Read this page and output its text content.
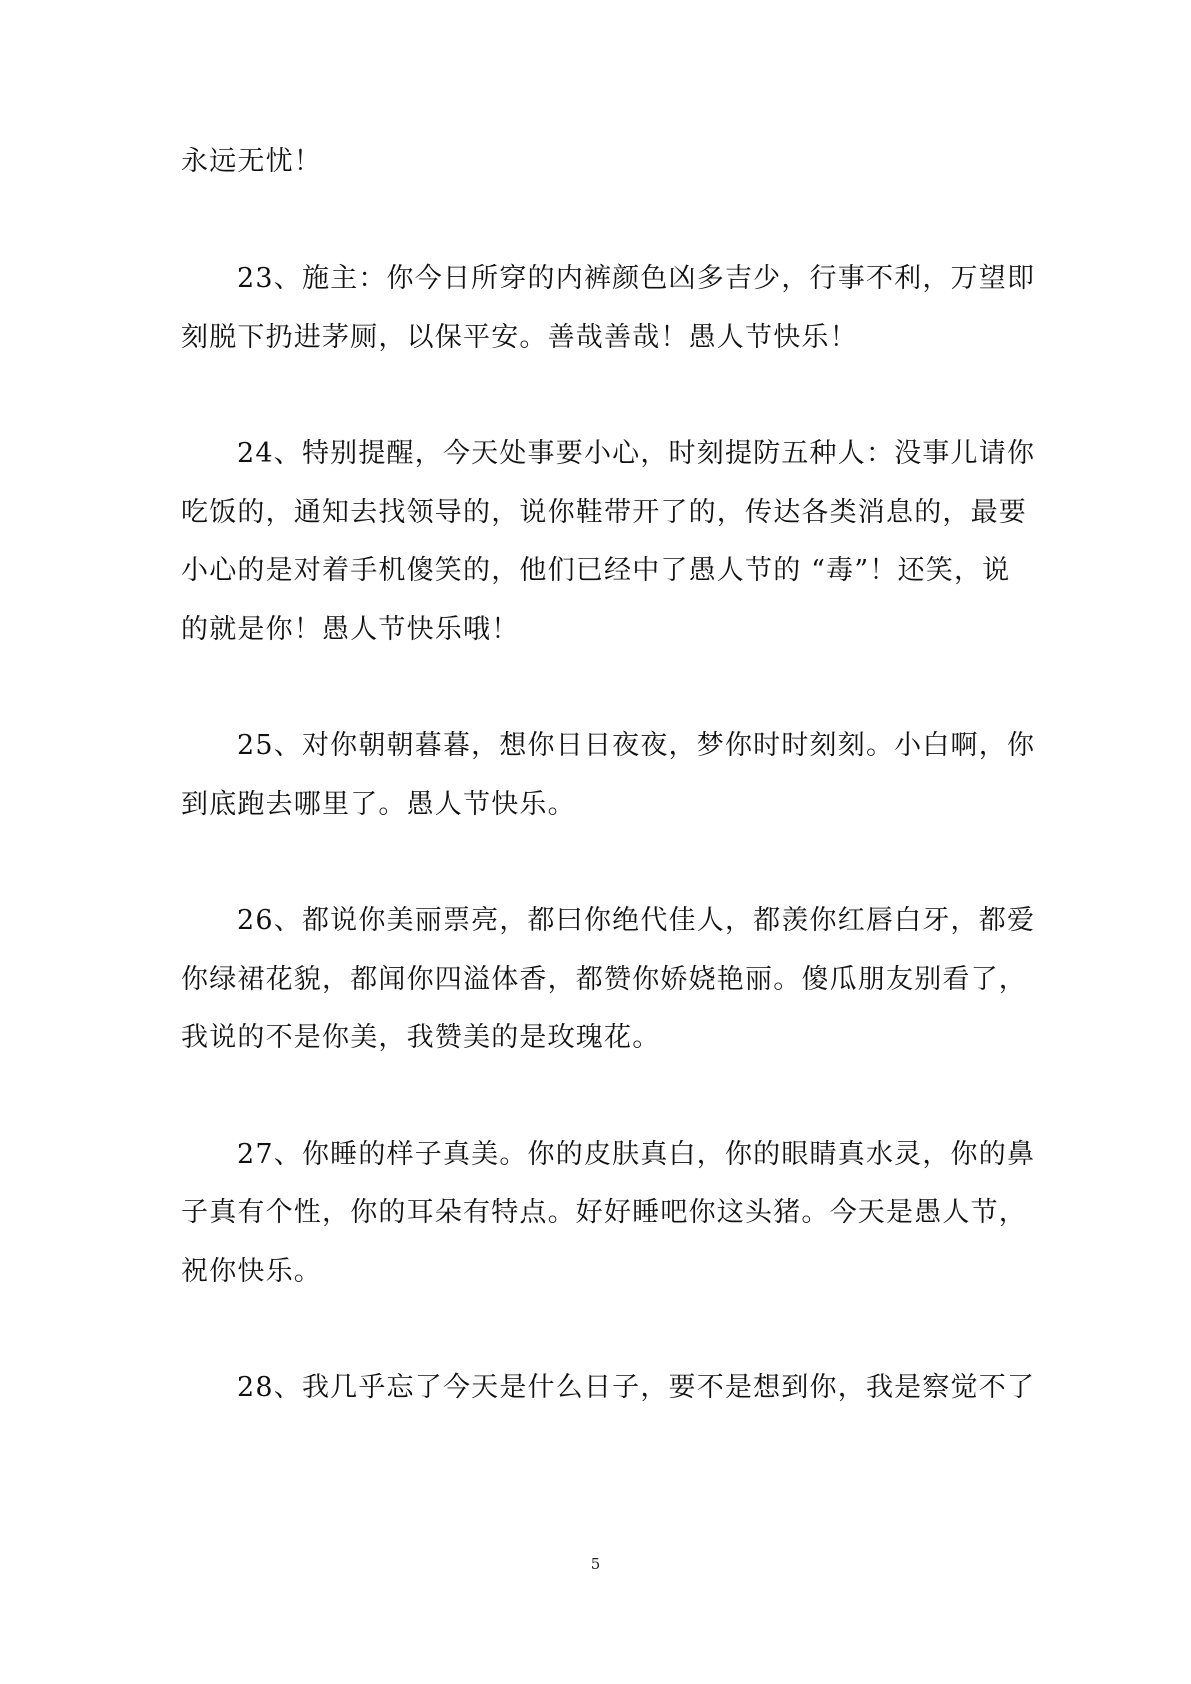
永远无忧！
23、施主：你今日所穿的内裤颜色凶多吉少，行事不利，万望即
刻脱下扔进茅厕，以保平安。善哉善哉！愚人节快乐！
24、特别提醒，今天处事要小心，时刻提防五种人：没事儿请你
吃饭的，通知去找领导的，说你鞋带开了的，传达各类消息的，最要
小心的是对着手机傻笑的，他们已经中了愚人节的 “毒”！还笑，说
的就是你！愚人节快乐哦！
25、对你朝朝暮暮，想你日日夜夜，梦你时时刻刻。小白啊，你
到底跑去哪里了。愚人节快乐。
26、都说你美丽票亮，都曰你绝代佳人，都羡你红唇白牙，都爱
你绿裙花貌，都闻你四溢体香，都赞你娇娆艳丽。傻瓜朋友别看了，
我说的不是你美，我赞美的是玫瑰花。
27、你睡的样子真美。你的皮肤真白，你的眼睛真水灵，你的鼻
子真有个性，你的耳朵有特点。好好睡吧你这头猪。今天是愚人节，
祝你快乐。
28、我几乎忘了今天是什么日子，要不是想到你，我是察觉不了
5
